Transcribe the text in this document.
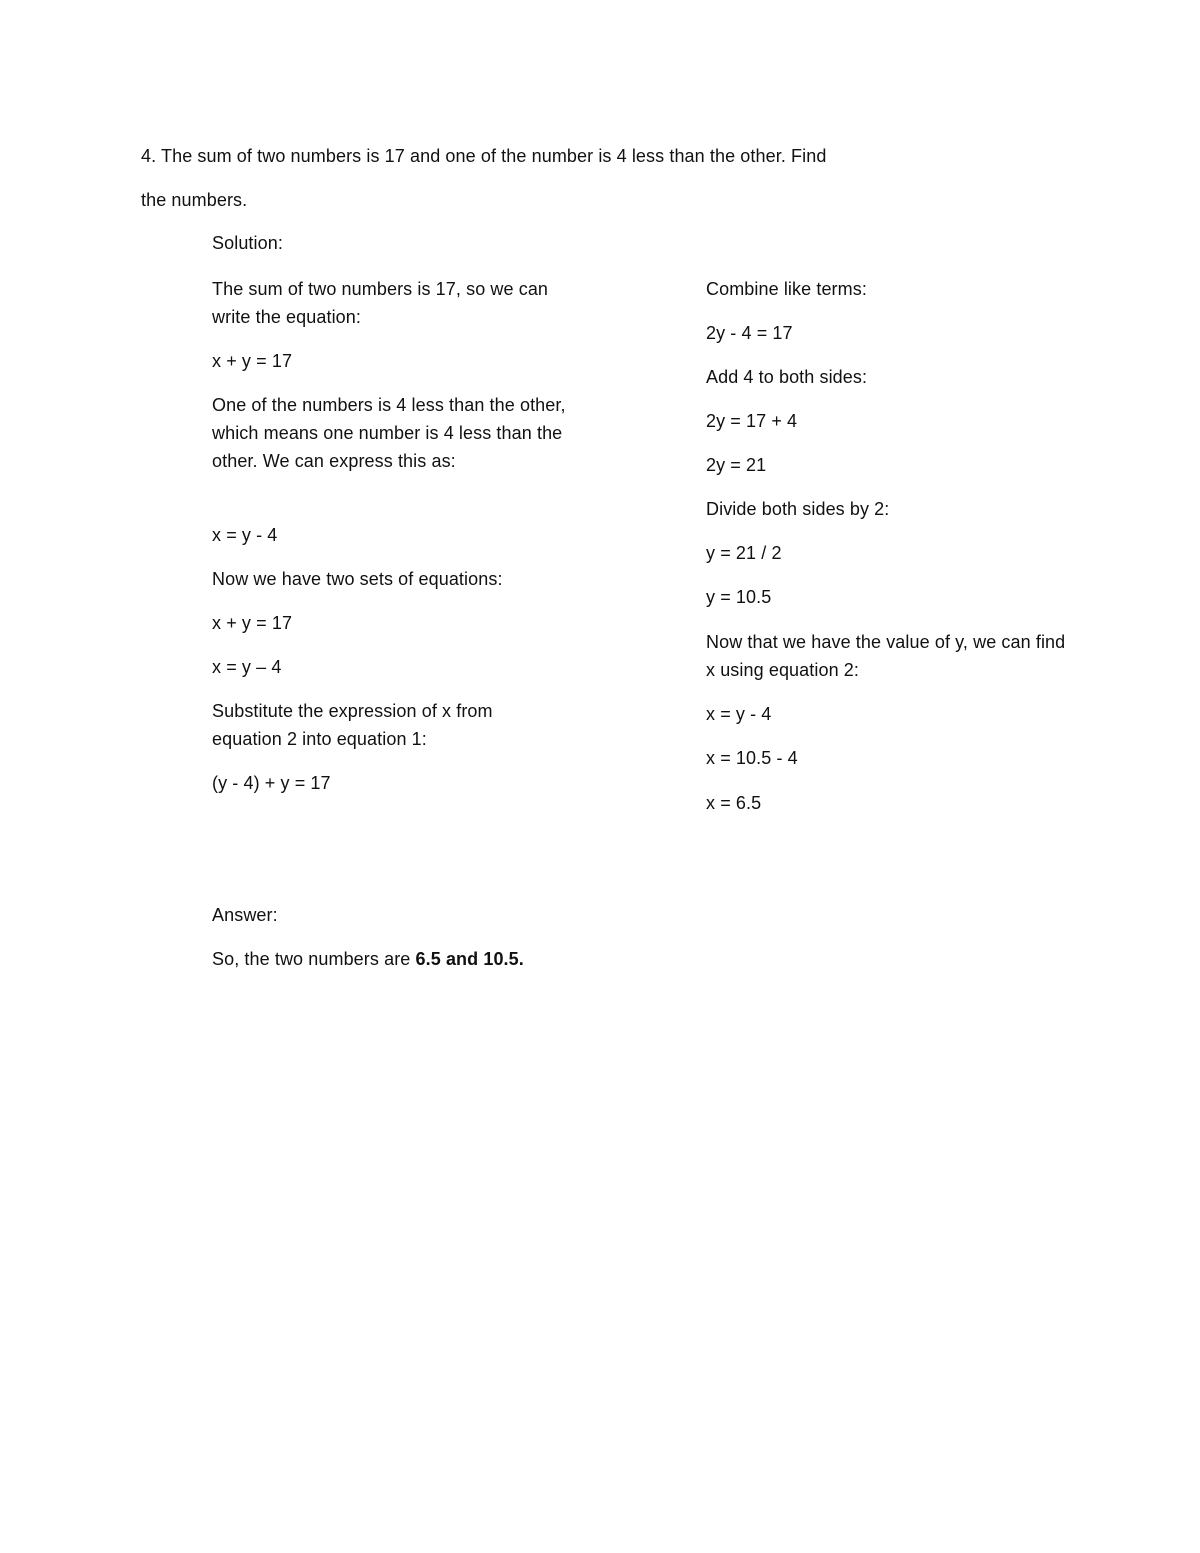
4. The sum of two numbers is 17 and one of the number is 4 less than the other. Find
the numbers.
Solution:
The sum of two numbers is 17, so we can write the equation:
x + y = 17
One of the numbers is 4 less than the other, which means one number is 4 less than the other. We can express this as:
x = y - 4
Now we have two sets of equations:
x + y = 17
x = y – 4
Substitute the expression of x from equation 2 into equation 1:
(y - 4) + y = 17
Combine like terms:
2y - 4 = 17
Add 4 to both sides:
2y = 17 + 4
2y = 21
Divide both sides by 2:
y = 21 / 2
y = 10.5
Now that we have the value of y, we can find x using equation 2:
x = y - 4
x = 10.5 - 4
x = 6.5
Answer:
So, the two numbers are 6.5 and 10.5.
